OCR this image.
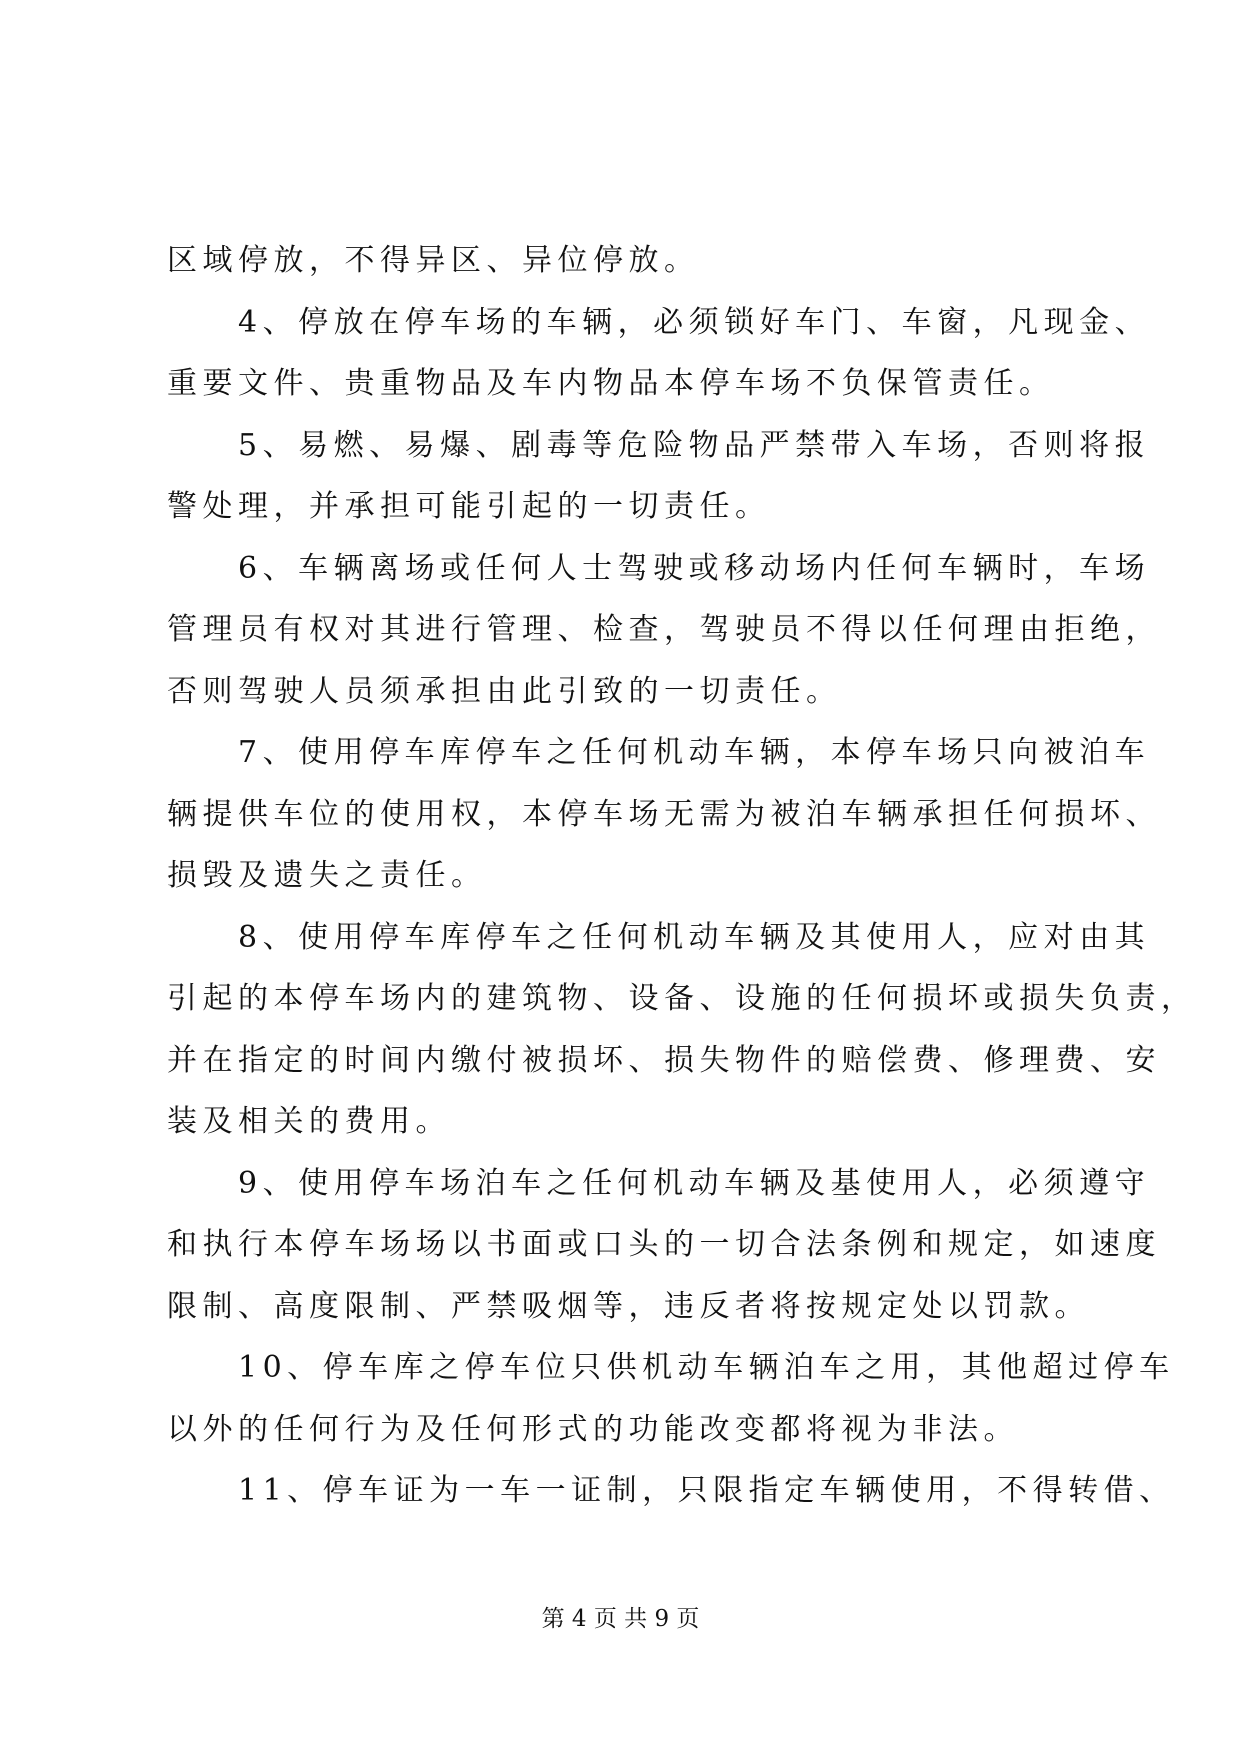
区域停放，不得异区、异位停放。
　　4、停放在停车场的车辆，必须锁好车门、车窗，凡现金、
重要文件、贵重物品及车内物品本停车场不负保管责任。
　　5、易燃、易爆、剧毒等危险物品严禁带入车场，否则将报
警处理，并承担可能引起的一切责任。
　　6、车辆离场或任何人士驾驶或移动场内任何车辆时，车场
管理员有权对其进行管理、检查，驾驶员不得以任何理由拒绝，
否则驾驶人员须承担由此引致的一切责任。
　　7、使用停车库停车之任何机动车辆，本停车场只向被泊车
辆提供车位的使用权，本停车场无需为被泊车辆承担任何损坏、
损毁及遗失之责任。
　　8、使用停车库停车之任何机动车辆及其使用人，应对由其
引起的本停车场内的建筑物、设备、设施的任何损坏或损失负责，
并在指定的时间内缴付被损坏、损失物件的赔偿费、修理费、安
装及相关的费用。
　　9、使用停车场泊车之任何机动车辆及基使用人，必须遵守
和执行本停车场场以书面或口头的一切合法条例和规定，如速度
限制、高度限制、严禁吸烟等，违反者将按规定处以罚款。
　　10、停车库之停车位只供机动车辆泊车之用，其他超过停车
以外的任何行为及任何形式的功能改变都将视为非法。
　　11、停车证为一车一证制，只限指定车辆使用，不得转借、
第 4 页 共 9 页
